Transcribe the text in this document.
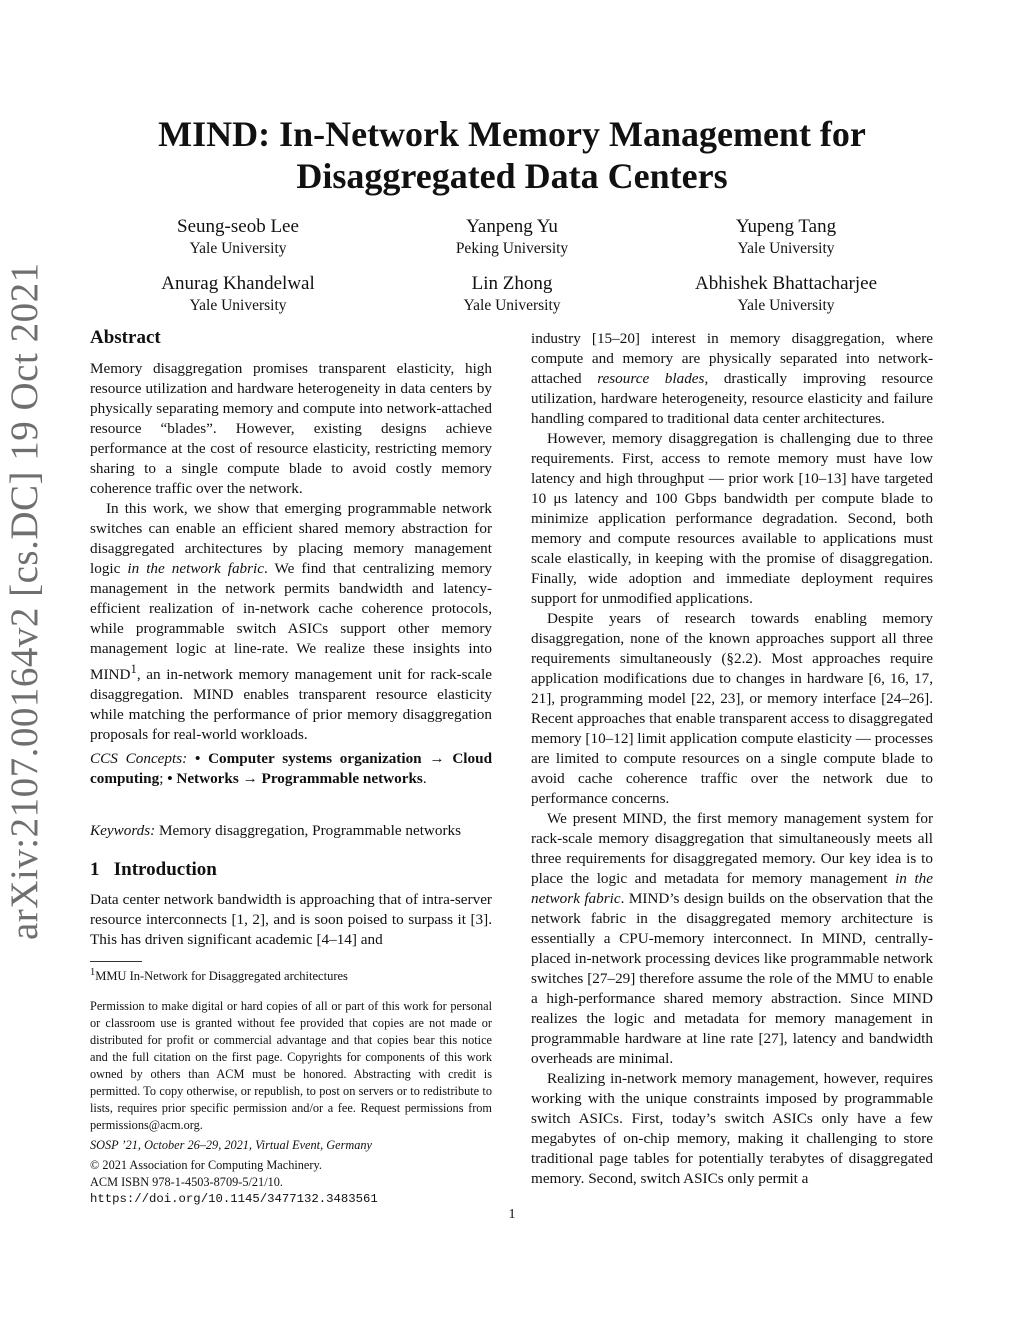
arXiv:2107.00164v2 [cs.DC] 19 Oct 2021
MIND: In-Network Memory Management for
Disaggregated Data Centers
Seung-seob Lee
Yale University
Yanpeng Yu
Peking University
Yupeng Tang
Yale University
Anurag Khandelwal
Yale University
Lin Zhong
Yale University
Abhishek Bhattacharjee
Yale University
Abstract

Memory disaggregation promises transparent elasticity, high resource utilization and hardware heterogeneity in data centers by physically separating memory and compute into network-attached resource “blades”. However, existing designs achieve performance at the cost of resource elasticity, restricting memory sharing to a single compute blade to avoid costly memory coherence traffic over the network.

In this work, we show that emerging programmable network switches can enable an efficient shared memory abstraction for disaggregated architectures by placing memory management logic in the network fabric. We find that centralizing memory management in the network permits bandwidth and latency-efficient realization of in-network cache coherence protocols, while programmable switch ASICs support other memory management logic at line-rate. We realize these insights into MIND$^1$, an in-network memory management unit for rack-scale disaggregation. MIND enables transparent resource elasticity while matching the performance of prior memory disaggregation proposals for real-world workloads.

CCS Concepts: • Computer systems organization → Cloud computing; • Networks → Programmable networks.

Keywords: Memory disaggregation, Programmable networks

1 Introduction

Data center network bandwidth is approaching that of intra-server resource interconnects [1, 2], and is soon poised to surpass it [3]. This has driven significant academic [4–14] and

$^1$MMU In-Network for Disaggregated architectures

Permission to make digital or hard copies of all or part of this work for personal or classroom use is granted without fee provided that copies are not made or distributed for profit or commercial advantage and that copies bear this notice and the full citation on the first page. Copyrights for components of this work owned by others than ACM must be honored. Abstracting with credit is permitted. To copy otherwise, or republish, to post on servers or to redistribute to lists, requires prior specific permission and/or a fee. Request permissions from permissions@acm.org.

SOSP ’21, October 26–29, 2021, Virtual Event, Germany

© 2021 Association for Computing Machinery.

ACM ISBN 978-1-4503-8709-5/21/10.

https://doi.org/10.1145/3477132.3483561

industry [15–20] interest in memory disaggregation, where compute and memory are physically separated into network-attached resource blades, drastically improving resource utilization, hardware heterogeneity, resource elasticity and failure handling compared to traditional data center architectures.

However, memory disaggregation is challenging due to three requirements. First, access to remote memory must have low latency and high throughput — prior work [10–13] have targeted 10 μs latency and 100 Gbps bandwidth per compute blade to minimize application performance degradation. Second, both memory and compute resources available to applications must scale elastically, in keeping with the promise of disaggregation. Finally, wide adoption and immediate deployment requires support for unmodified applications.

Despite years of research towards enabling memory disaggregation, none of the known approaches support all three requirements simultaneously (§2.2). Most approaches require application modifications due to changes in hardware [6, 16, 17, 21], programming model [22, 23], or memory interface [24–26]. Recent approaches that enable transparent access to disaggregated memory [10–12] limit application compute elasticity — processes are limited to compute resources on a single compute blade to avoid cache coherence traffic over the network due to performance concerns.

We present MIND, the first memory management system for rack-scale memory disaggregation that simultaneously meets all three requirements for disaggregated memory. Our key idea is to place the logic and metadata for memory management in the network fabric. MIND’s design builds on the observation that the network fabric in the disaggregated memory architecture is essentially a CPU-memory interconnect. In MIND, centrally-placed in-network processing devices like programmable network switches [27–29] therefore assume the role of the MMU to enable a high-performance shared memory abstraction. Since MIND realizes the logic and metadata for memory management in programmable hardware at line rate [27], latency and bandwidth overheads are minimal.

Realizing in-network memory management, however, requires working with the unique constraints imposed by programmable switch ASICs. First, today’s switch ASICs only have a few megabytes of on-chip memory, making it challenging to store traditional page tables for potentially terabytes of disaggregated memory. Second, switch ASICs only permit a

1
